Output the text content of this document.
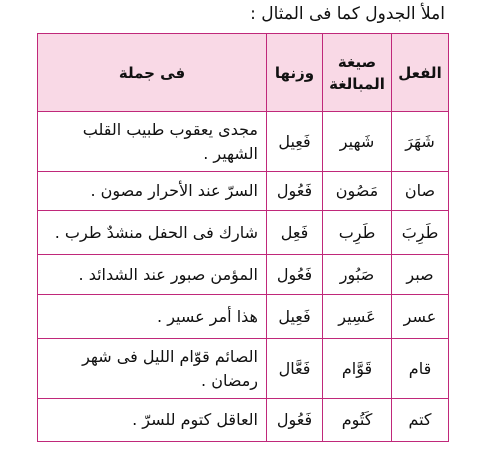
املأ الجدول كما فى المثال :
الفعل	صيغة المبالغة	وزنها	فى جملة
شَهَرَ	شَهير	فَعِيل	مجدى يعقوب طبيب القلب الشهير .
صان	مَصُون	فَعُول	السرّ عند الأحرار مصون .
طَرِبَ	طَرِب	فَعِل	شارك فى الحفل منشدٌ طرب .
صبر	صَبُور	فَعُول	المؤمن صبور عند الشدائد .
عسر	عَسِير	فَعِيل	هذا أمر عسير .
قام	قَوَّام	فَعَّال	الصائم قوّام الليل فى شهر رمضان .
كتم	كَتُوم	فَعُول	العاقل كتوم للسرّ .
